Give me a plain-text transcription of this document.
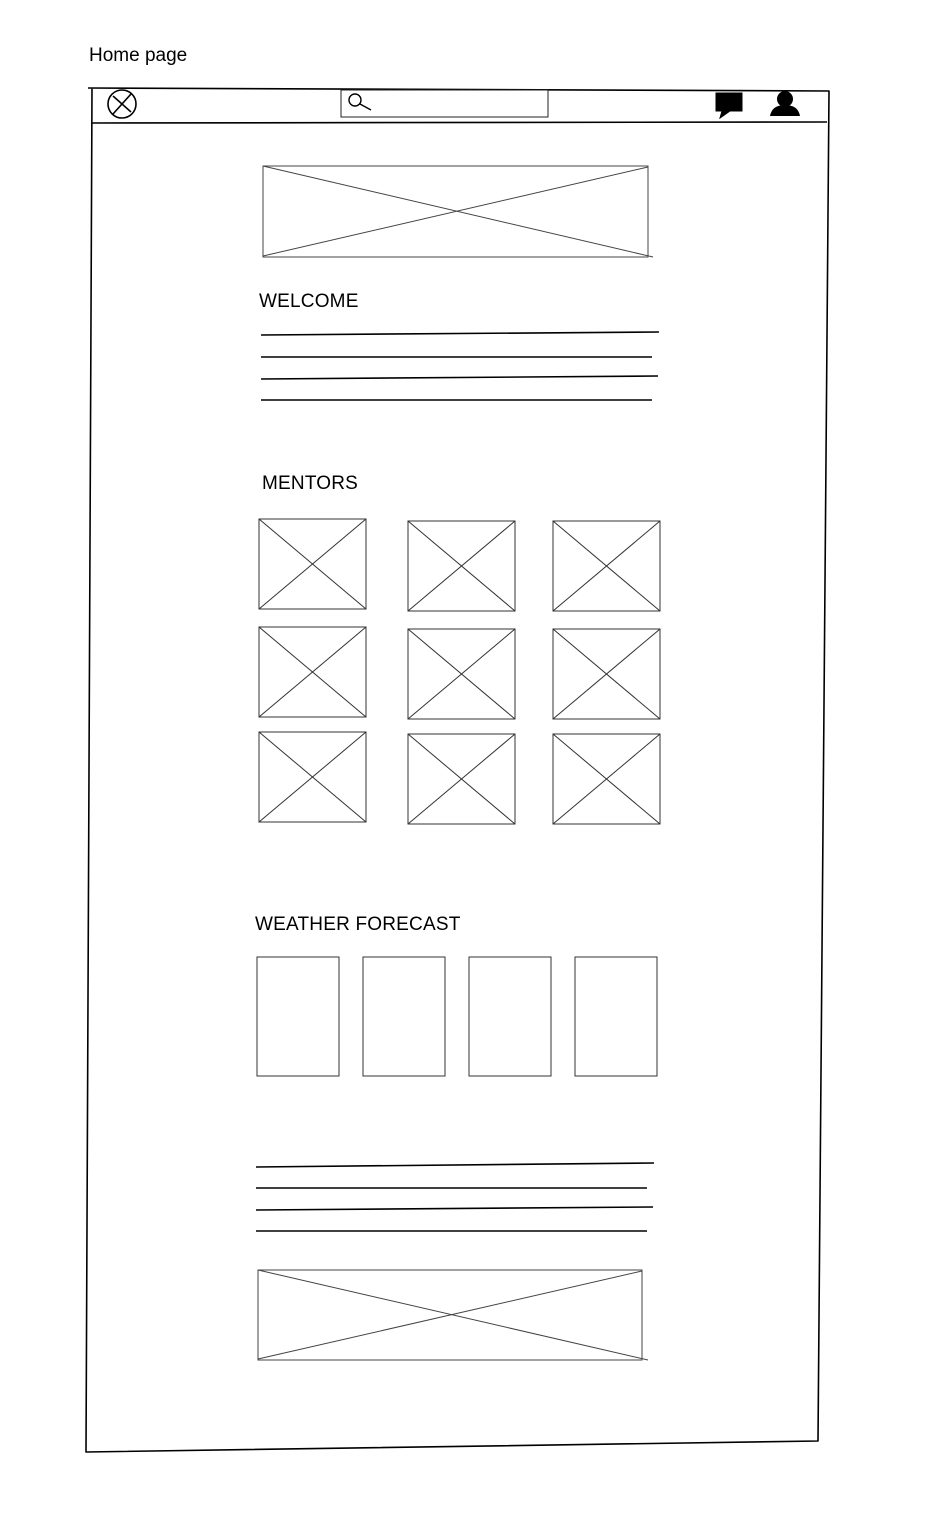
Home page
WELCOME
MENTORS
WEATHER FORECAST
